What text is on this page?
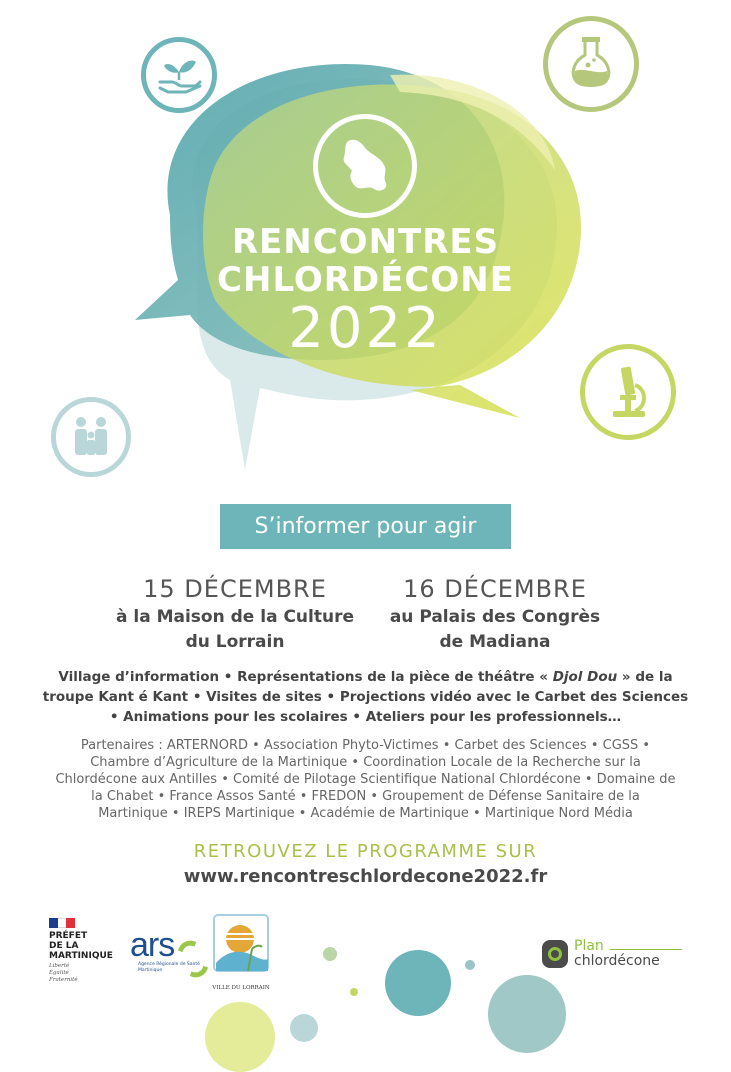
RENCONTRES
CHLORDÉCONE
2022
S’informer pour agir
15 DÉCEMBRE
à la Maison de la Culture
du Lorrain
16 DÉCEMBRE
au Palais des Congrès
de Madiana
Village d’information • Représentations de la pièce de théâtre « Djol Dou » de la troupe Kant é Kant • Visites de sites • Projections vidéo avec le Carbet des Sciences • Animations pour les scolaires • Ateliers pour les professionnels…
Partenaires : ARTERNORD • Association Phyto-Victimes • Carbet des Sciences • CGSS • Chambre d’Agriculture de la Martinique • Coordination Locale de la Recherche sur la Chlordécone aux Antilles • Comité de Pilotage Scientifique National Chlordécone • Domaine de la Chabet • France Assos Santé • FREDON • Groupement de Défense Sanitaire de la Martinique • IREPS Martinique • Académie de Martinique • Martinique Nord Média
RETROUVEZ LE PROGRAMME SUR
www.rencontreschlordecone2022.fr
PRÉFET
DE LA
MARTINIQUE
Liberté
Égalité
Fraternité
ars
Agence Régionale de Santé
Martinique
VILLE DU LORRAIN
Plan
chlordécone
